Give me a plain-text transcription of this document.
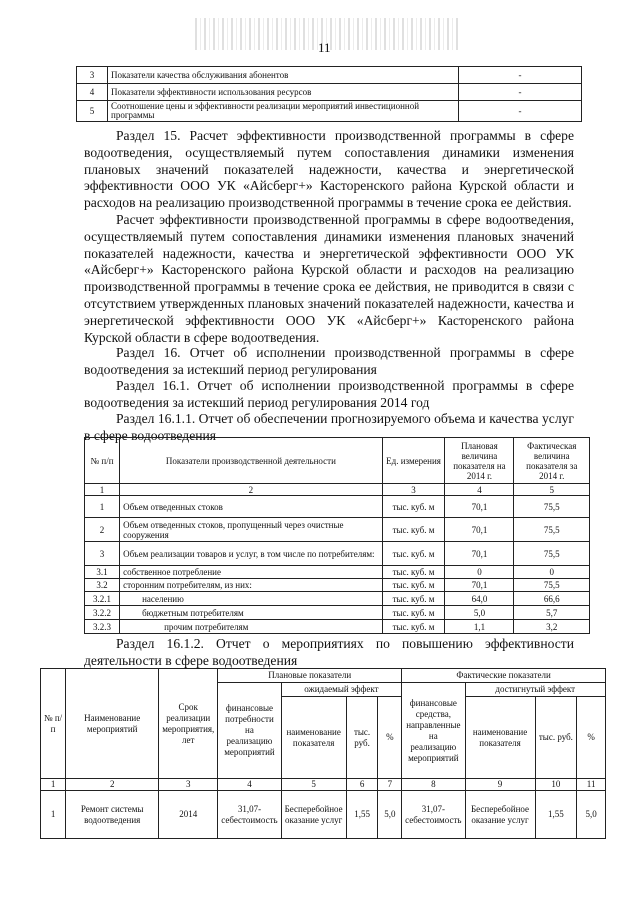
11
3	Показатели качества обслуживания абонентов	-
4	Показатели эффективности использования ресурсов	-
5	Соотношение цены и эффективности реализации мероприятий инвестиционной программы	-
Раздел 15. Расчет эффективности производственной программы в сфере водоотведения, осуществляемый путем сопоставления динамики изменения плановых значений показателей надежности, качества и энергетической эффективности ООО УК «Айсберг+» Касторенского района Курской области и расходов на реализацию производственной программы в течение срока ее действия.
Расчет эффективности производственной программы в сфере водоотведения, осуществляемый путем сопоставления динамики изменения плановых значений показателей надежности, качества и энергетической эффективности ООО УК «Айсберг+» Касторенского района Курской области и расходов на реализацию производственной программы в течение срока ее действия, не приводится в связи с отсутствием утвержденных плановых значений показателей надежности, качества и энергетической эффективности ООО УК «Айсберг+» Касторенского района Курской области в сфере водоотведения.
Раздел 16. Отчет об исполнении производственной программы в сфере водоотведения за истекший период регулирования
Раздел 16.1. Отчет об исполнении производственной программы в сфере водоотведения за истекший период регулирования 2014 год
Раздел 16.1.1. Отчет об обеспечении прогнозируемого объема и качества услуг в сфере водоотведения
№ п/п	Показатели производственной деятельности	Ед. измерения	Плановая величина показателя на 2014 г.	Фактическая величина показателя за 2014 г.
1	2	3	4	5
1	Объем отведенных стоков	тыс. куб. м	70,1	75,5
2	Объем отведенных стоков, пропущенный через очистные сооружения	тыс. куб. м	70,1	75,5
3	Объем реализации товаров и услуг, в том числе по потребителям:	тыс. куб. м	70,1	75,5
3.1	собственное потребление	тыс. куб. м	0	0
3.2	сторонним потребителям, из них:	тыс. куб. м	70,1	75,5
3.2.1	населению	тыс. куб. м	64,0	66,6
3.2.2	бюджетным потребителям	тыс. куб. м	5,0	5,7
3.2.3	прочим потребителям	тыс. куб. м	1,1	3,2
Раздел 16.1.2. Отчет о мероприятиях по повышению эффективности деятельности в сфере водоотведения
№ п/п	Наименование мероприятий	Срок реализации мероприятия, лет	Плановые показатели				Фактические показатели			
			финансовые потребности на реализацию мероприятий	ожидаемый эффект			финансовые средства, направленные на реализацию мероприятий	достигнутый эффект		
				наименование показателя	тыс. руб.	%		наименование показателя	тыс. руб.	%
1	2	3	4	5	6	7	8	9	10	11
1	Ремонт системы водоотведения	2014	31,07-себестоимость	Бесперебойное оказание услуг	1,55	5,0	31,07-себестоимость	Бесперебойное оказание услуг	1,55	5,0
